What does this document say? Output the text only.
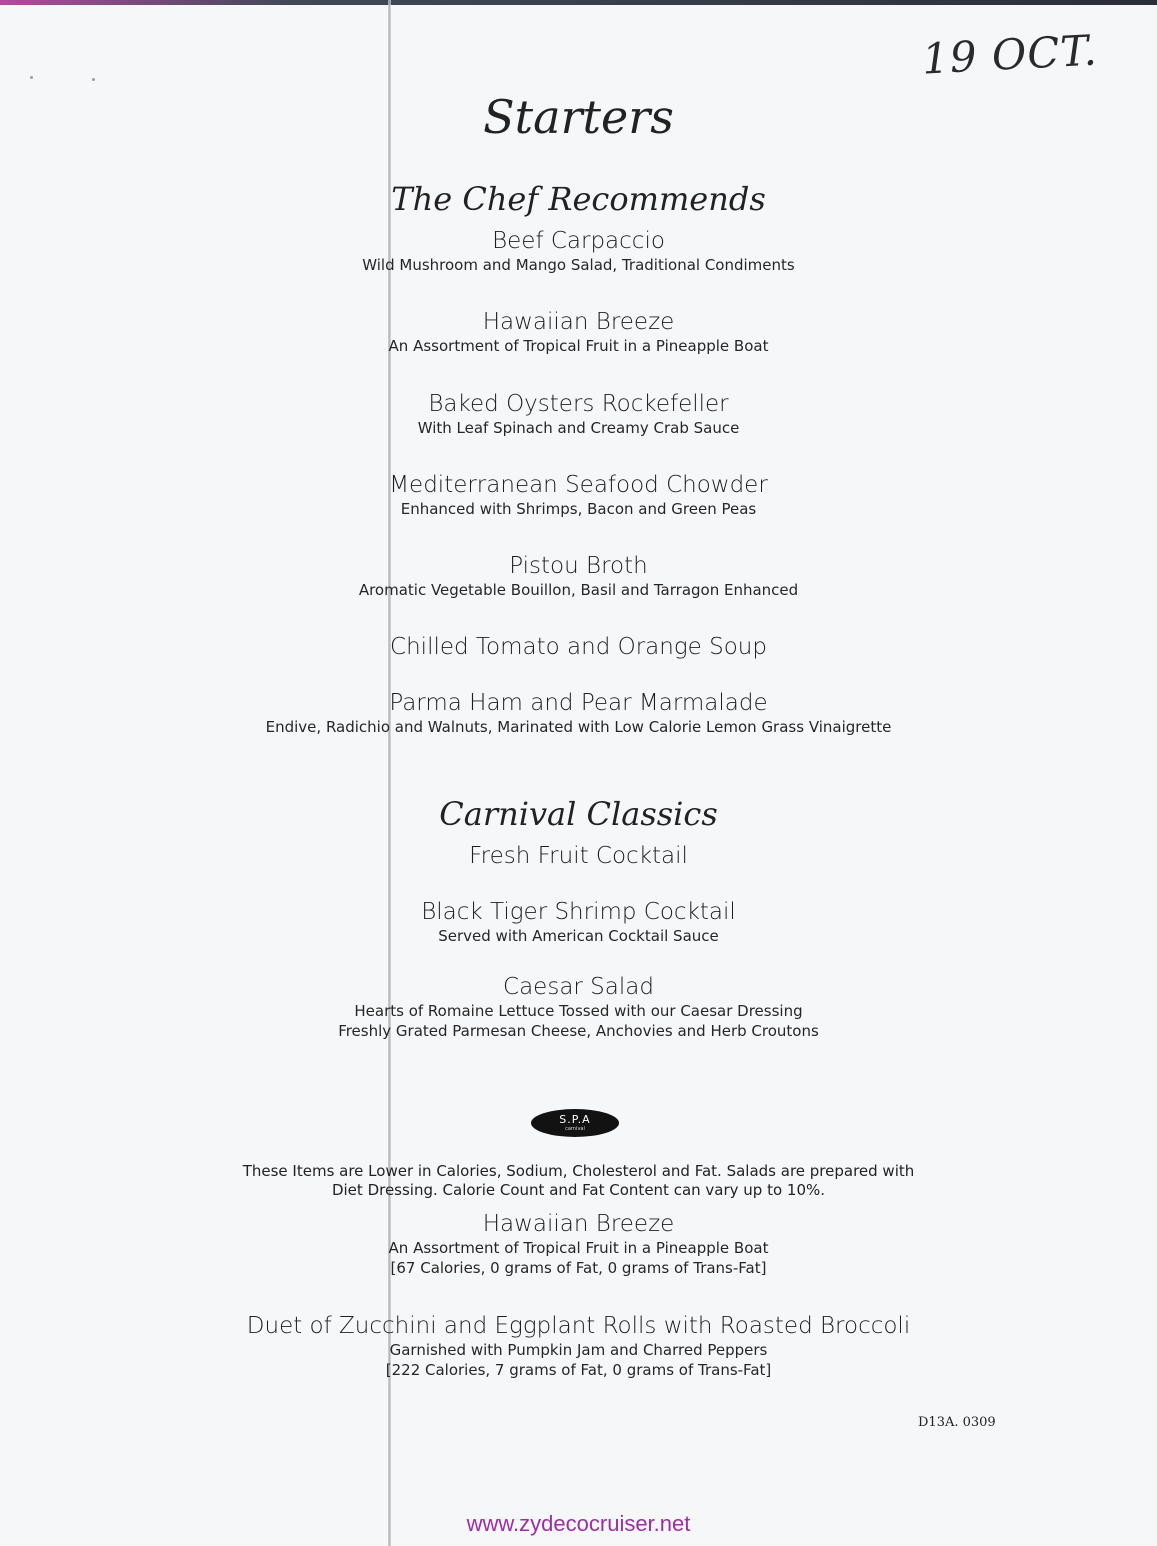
19 OCT.
Starters
The Chef Recommends
Beef Carpaccio
Wild Mushroom and Mango Salad, Traditional Condiments
Hawaiian Breeze
An Assortment of Tropical Fruit in a Pineapple Boat
Baked Oysters Rockefeller
With Leaf Spinach and Creamy Crab Sauce
Mediterranean Seafood Chowder
Enhanced with Shrimps, Bacon and Green Peas
Pistou Broth
Aromatic Vegetable Bouillon, Basil and Tarragon Enhanced
Chilled Tomato and Orange Soup
Parma Ham and Pear Marmalade
Endive, Radichio and Walnuts, Marinated with Low Calorie Lemon Grass Vinaigrette
Carnival Classics
Fresh Fruit Cocktail
Black Tiger Shrimp Cocktail
Served with American Cocktail Sauce
Caesar Salad
Hearts of Romaine Lettuce Tossed with our Caesar Dressing
Freshly Grated Parmesan Cheese, Anchovies and Herb Croutons
S.P.A
carnival
These Items are Lower in Calories, Sodium, Cholesterol and Fat. Salads are prepared with
Diet Dressing. Calorie Count and Fat Content can vary up to 10%.
Hawaiian Breeze
An Assortment of Tropical Fruit in a Pineapple Boat
[67 Calories, 0 grams of Fat, 0 grams of Trans-Fat]
Duet of Zucchini and Eggplant Rolls with Roasted Broccoli
Garnished with Pumpkin Jam and Charred Peppers
[222 Calories, 7 grams of Fat, 0 grams of Trans-Fat]
D13A. 0309
www.zydecocruiser.net
